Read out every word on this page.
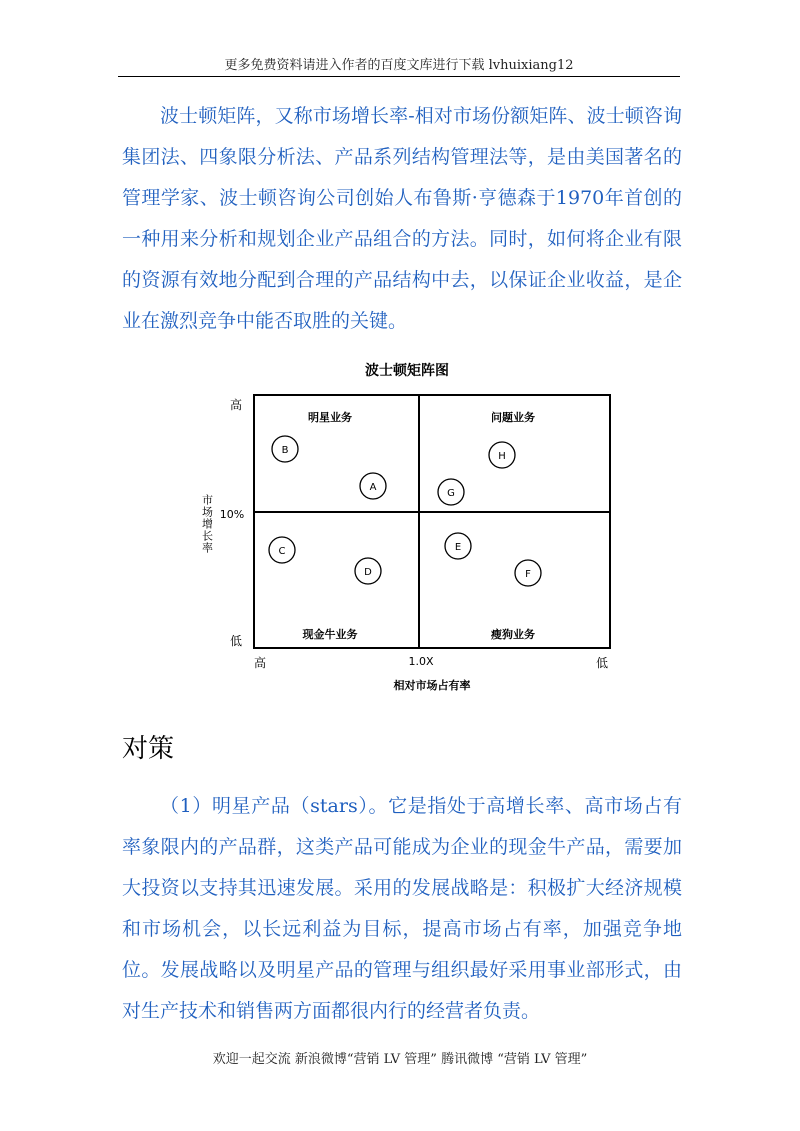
更多免费资料请进入作者的百度文库进行下载 lvhuixiang12

波士顿矩阵，又称市场增长率-相对市场份额矩阵、波士顿咨询集团法、四象限分析法、产品系列结构管理法等，是由美国著名的管理学家、波士顿咨询公司创始人布鲁斯·亨德森于1970年首创的一种用来分析和规划企业产品组合的方法。同时，如何将企业有限的资源有效地分配到合理的产品结构中去，以保证企业收益，是企业在激烈竞争中能否取胜的关键。

波士顿矩阵图
高
10%
低
市场增长率
高	1.0X	低
相对市场占有率
明星业务	问题业务
现金牛业务	瘦狗业务
B
A
H
G
C
D
E
F
对策

（1）明星产品（stars）。它是指处于高增长率、高市场占有率象限内的产品群，这类产品可能成为企业的现金牛产品，需要加大投资以支持其迅速发展。采用的发展战略是：积极扩大经济规模和市场机会，以长远利益为目标，提高市场占有率，加强竞争地位。发展战略以及明星产品的管理与组织最好采用事业部形式，由对生产技术和销售两方面都很内行的经营者负责。

欢迎一起交流 新浪微博“营销 LV 管理” 腾讯微博 “营销 LV 管理”
